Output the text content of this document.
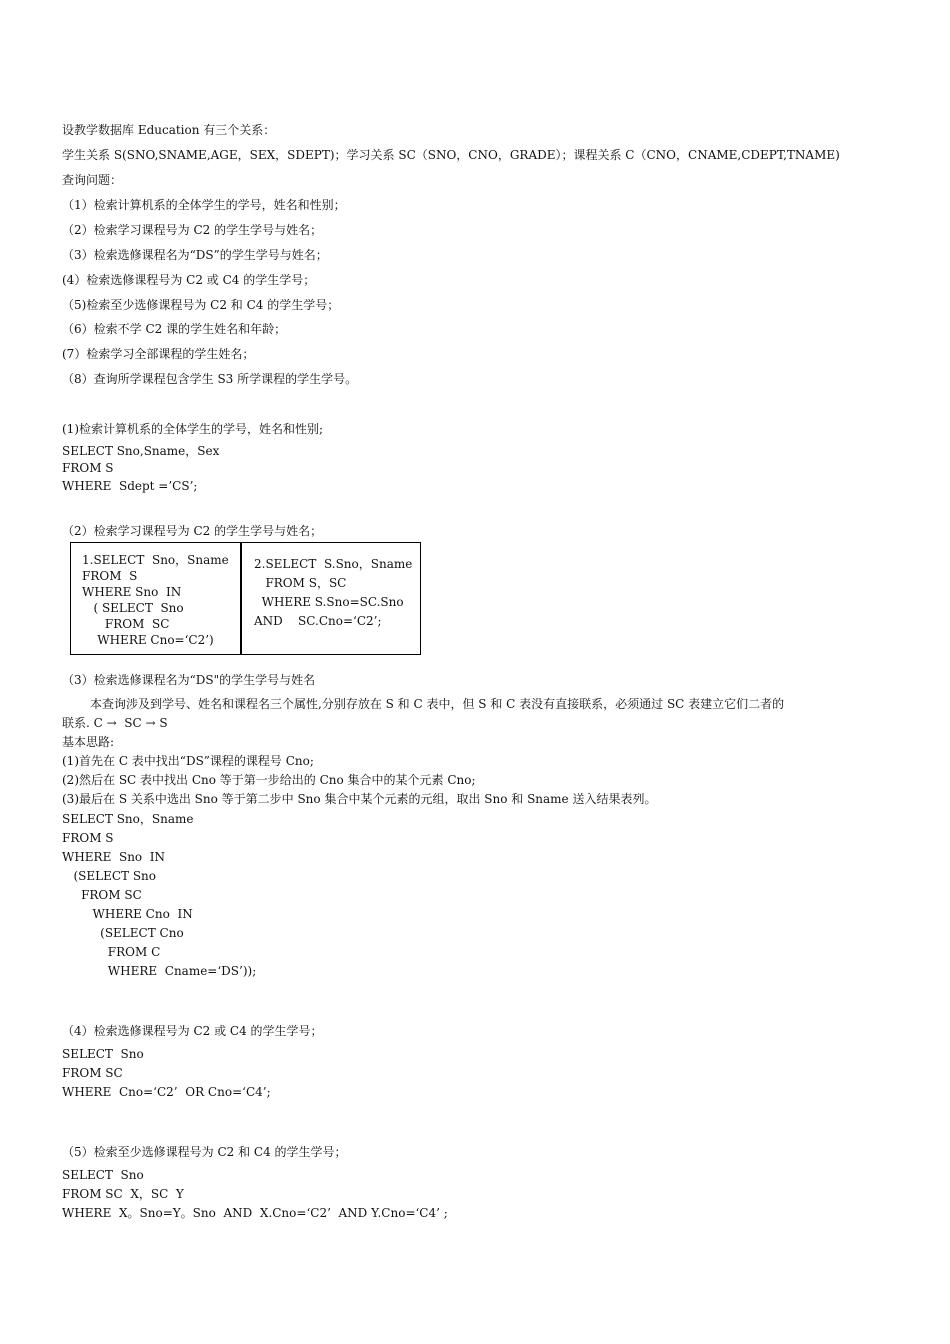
设教学数据库 Education 有三个关系：
学生关系 S(SNO,SNAME,AGE，SEX，SDEPT)；学习关系 SC（SNO，CNO，GRADE）；课程关系 C（CNO，CNAME,CDEPT,TNAME)
查询问题：
（1）检索计算机系的全体学生的学号，姓名和性别；
（2）检索学习课程号为 C2 的学生学号与姓名；
（3）检索选修课程名为“DS”的学生学号与姓名；
(4）检索选修课程号为 C2 或 C4 的学生学号；
（5)检索至少选修课程号为 C2 和 C4 的学生学号；
（6）检索不学 C2 课的学生姓名和年龄；
(7）检索学习全部课程的学生姓名；
（8）查询所学课程包含学生 S3 所学课程的学生学号。
(1)检索计算机系的全体学生的学号，姓名和性别;
SELECT Sno,Sname，Sex
FROM S
WHERE  Sdept =’CS’;
（2）检索学习课程号为 C2 的学生学号与姓名；
1.SELECT  Sno，Sname
FROM  S
WHERE Sno  IN
( SELECT  Sno
FROM  SC
WHERE Cno=‘C2’)
2.SELECT  S.Sno，Sname
FROM S，SC
WHERE S.Sno=SC.Sno
AND    SC.Cno=‘C2’;
（3）检索选修课程名为“DS"的学生学号与姓名
本查询涉及到学号、姓名和课程名三个属性,分别存放在 S 和 C 表中，但 S 和 C 表没有直接联系，必须通过 SC 表建立它们二者的
联系. C →  SC → S
基本思路:
(1)首先在 C 表中找出“DS”课程的课程号 Cno;
(2)然后在 SC 表中找出 Cno 等于第一步给出的 Cno 集合中的某个元素 Cno;
(3)最后在 S 关系中选出 Sno 等于第二步中 Sno 集合中某个元素的元组，取出 Sno 和 Sname 送入结果表列。
SELECT Sno，Sname
FROM S
WHERE  Sno  IN
(SELECT Sno
FROM SC
WHERE Cno  IN
(SELECT Cno
FROM C
WHERE  Cname=‘DS’));
（4）检索选修课程号为 C2 或 C4 的学生学号；
SELECT  Sno
FROM SC
WHERE  Cno=‘C2’  OR Cno=‘C4’;
（5）检索至少选修课程号为 C2 和 C4 的学生学号；
SELECT  Sno
FROM SC  X，SC  Y
WHERE  X。Sno=Y。Sno  AND  X.Cno=‘C2’  AND Y.Cno=‘C4’ ;
